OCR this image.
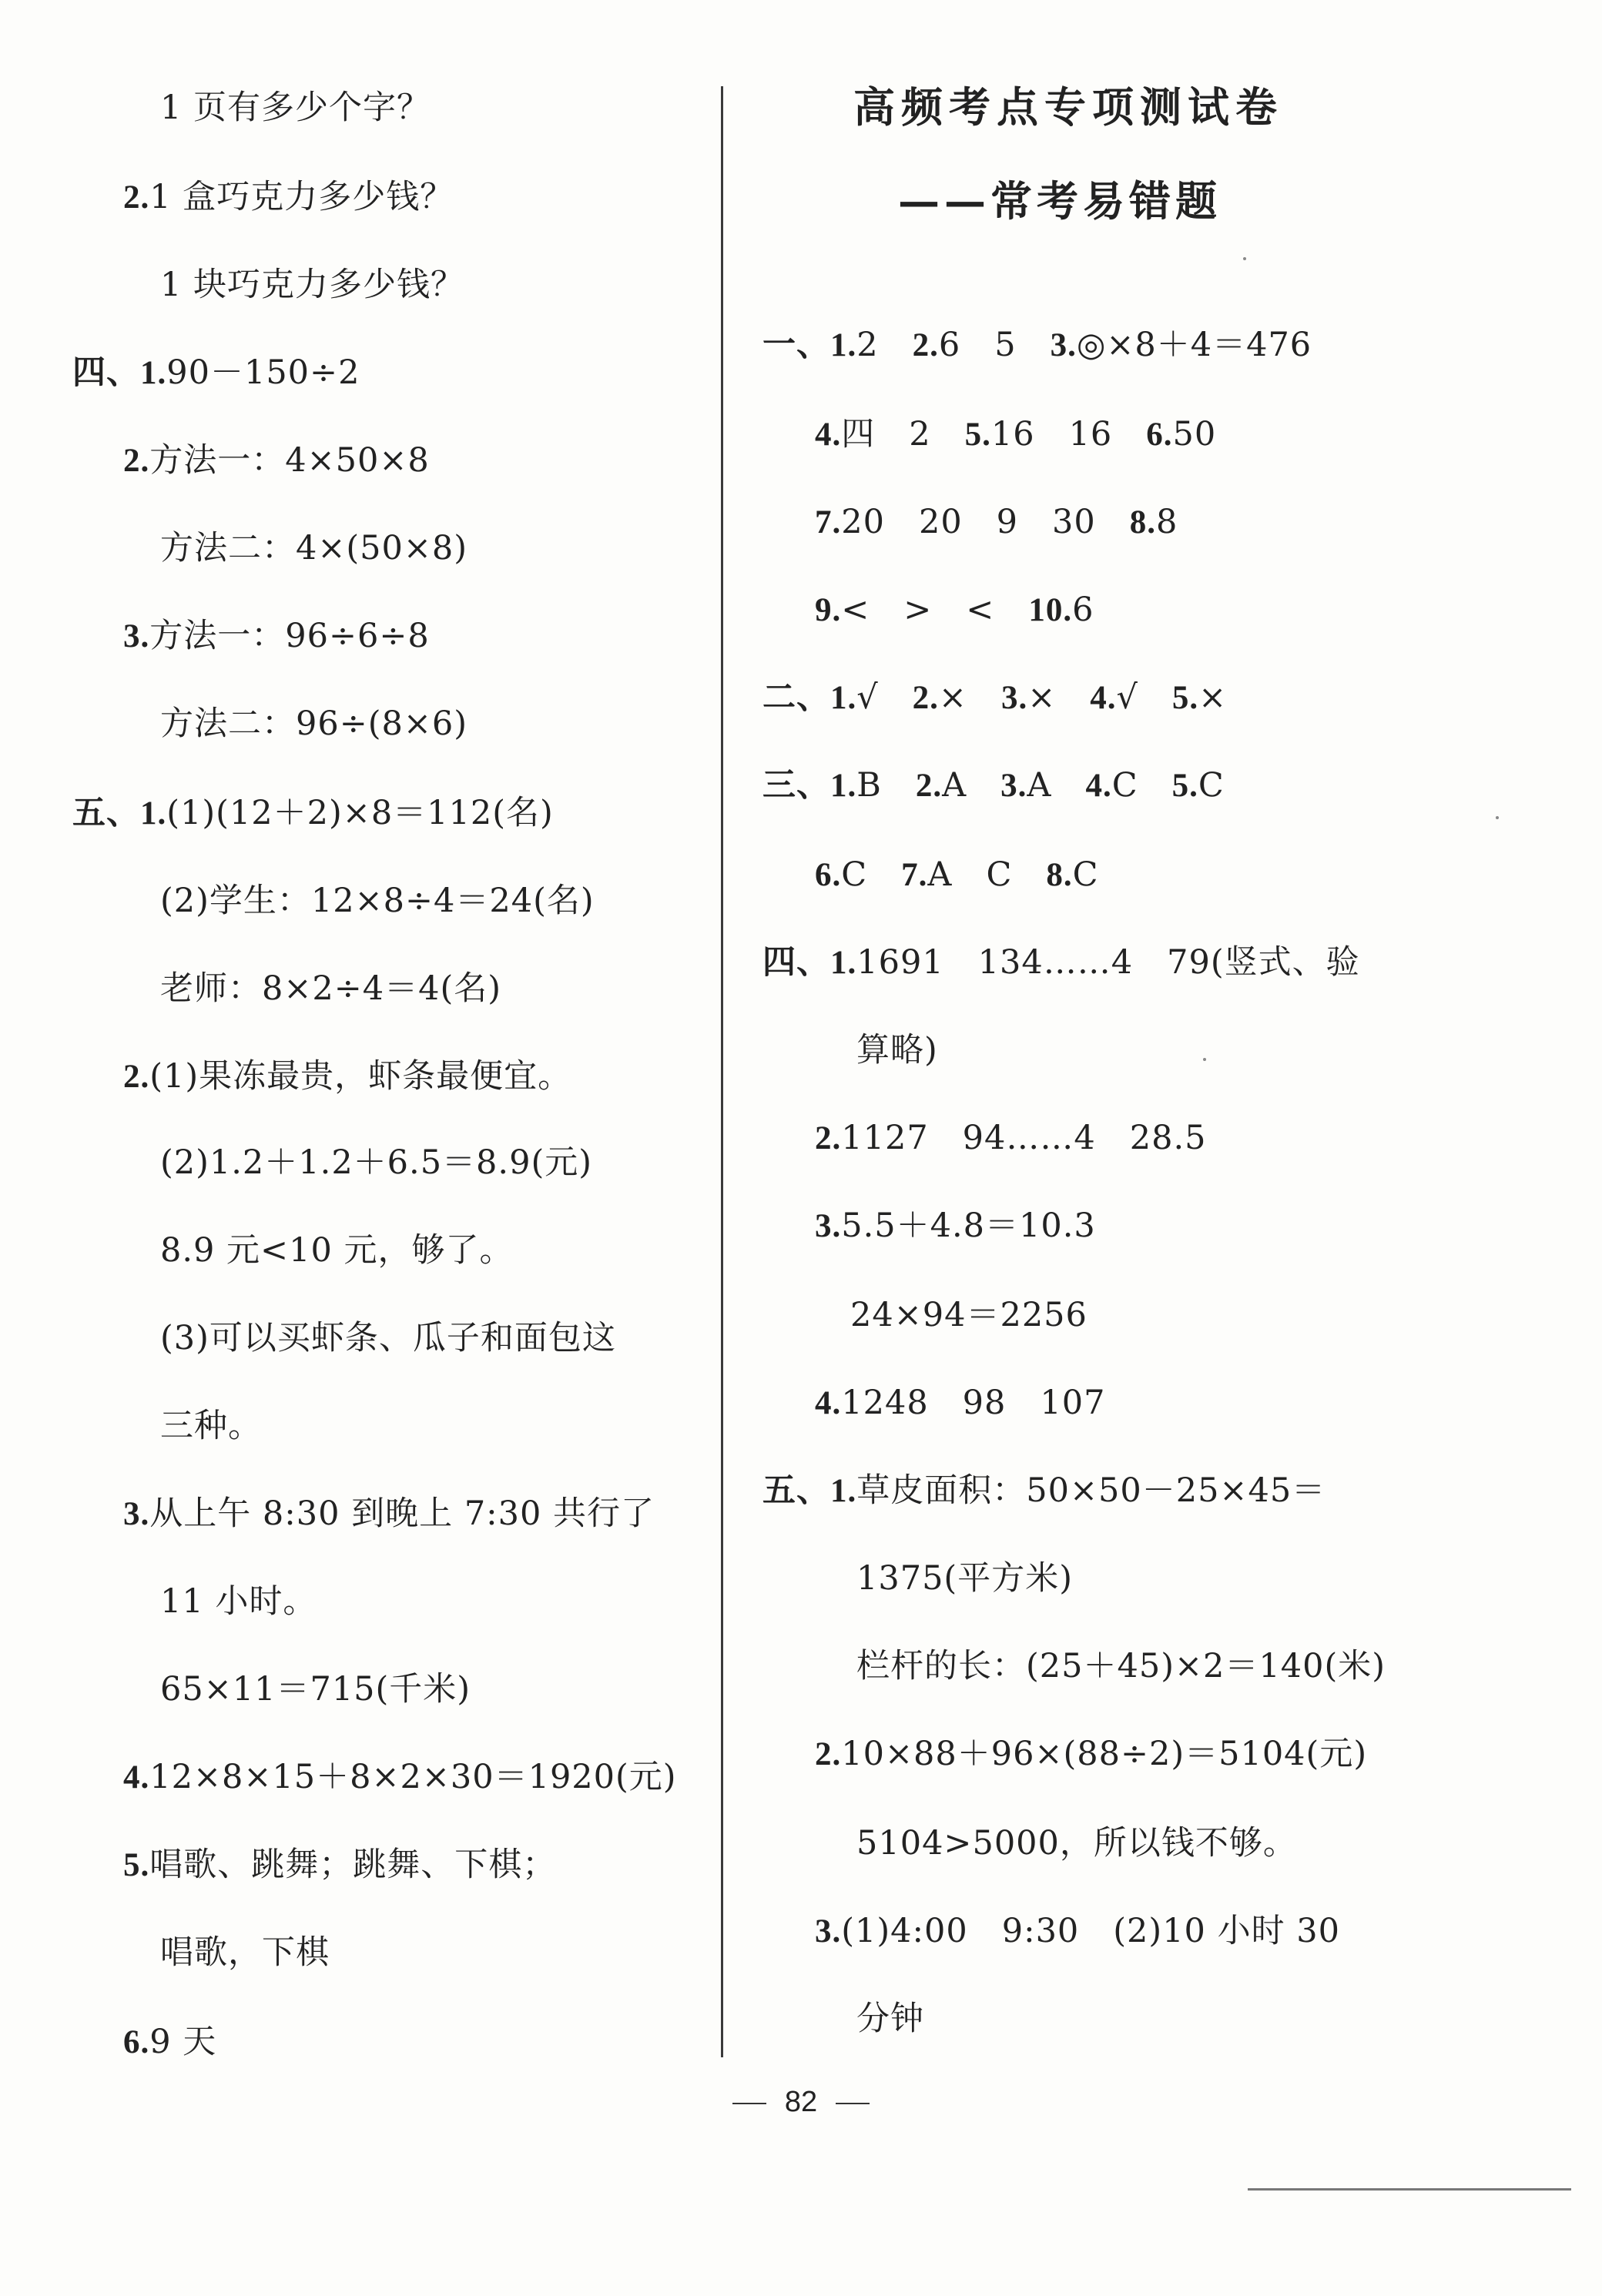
1 页有多少个字？
2.1 盒巧克力多少钱？
1 块巧克力多少钱？
四、1.90－150÷2
2.方法一：4×50×8
方法二：4×(50×8)
3.方法一：96÷6÷8
方法二：96÷(8×6)
五、1.(1)(12＋2)×8＝112(名)
(2)学生：12×8÷4＝24(名)
老师：8×2÷4＝4(名)
2.(1)果冻最贵，虾条最便宜。
(2)1.2＋1.2＋6.5＝8.9(元)
8.9 元<10 元，够了。
(3)可以买虾条、瓜子和面包这
三种。
3.从上午 8:30 到晚上 7:30 共行了
11 小时。
65×11＝715(千米)
4.12×8×15＋8×2×30＝1920(元)
5.唱歌、跳舞；跳舞、下棋；
唱歌，下棋
6.9 天
高频考点专项测试卷
——常考易错题
一、1.2 2.6　5 3.◎×8＋4＝476
4.四　2 5.16　16 6.50
7.20　20　9　30 8.8
9.<　>　< 10.6
二、1.√ 2.× 3.× 4.√ 5.×
三、1.B 2.A 3.A 4.C 5.C
6.C 7.A　C 8.C
四、1.1691　134……4　79(竖式、验
算略)
2.1127　94……4　28.5
3.5.5＋4.8＝10.3
24×94＝2256
4.1248　98　107
五、1.草皮面积：50×50－25×45＝
1375(平方米)
栏杆的长：(25＋45)×2＝140(米)
2.10×88＋96×(88÷2)＝5104(元)
5104>5000，所以钱不够。
3.(1)4:00　9:30　(2)10 小时 30
分钟
82
